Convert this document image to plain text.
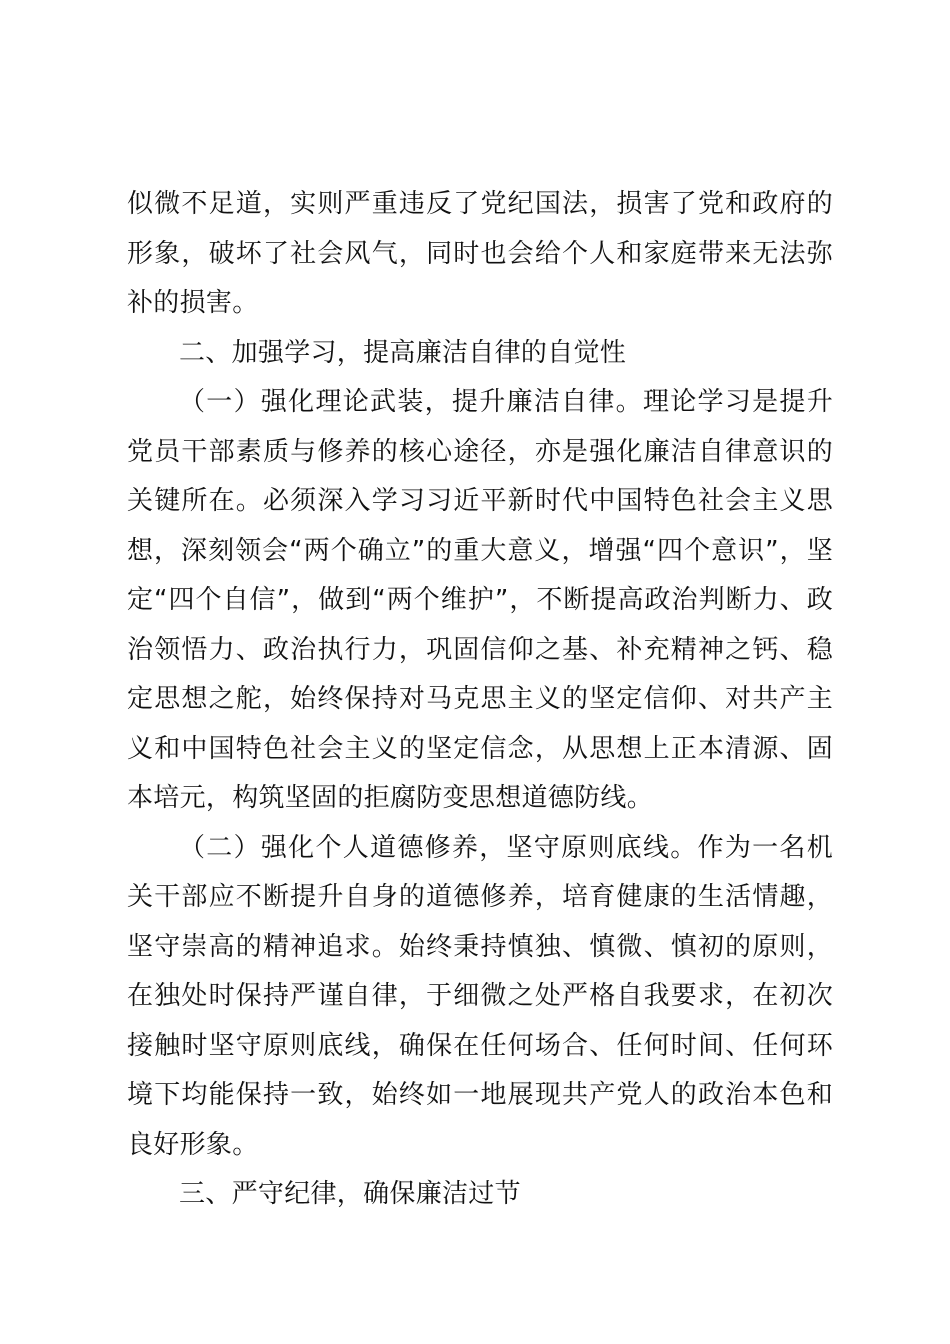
似微不足道，实则严重违反了党纪国法，损害了党和政府的形象，破坏了社会风气，同时也会给个人和家庭带来无法弥补的损害。

二、加强学习，提高廉洁自律的自觉性

（一）强化理论武装，提升廉洁自律。理论学习是提升党员干部素质与修养的核心途径，亦是强化廉洁自律意识的关键所在。必须深入学习习近平新时代中国特色社会主义思想，深刻领会“两个确立”的重大意义，增强“四个意识”，坚定“四个自信”，做到“两个维护”，不断提高政治判断力、政治领悟力、政治执行力，巩固信仰之基、补充精神之钙、稳定思想之舵，始终保持对马克思主义的坚定信仰、对共产主义和中国特色社会主义的坚定信念，从思想上正本清源、固本培元，构筑坚固的拒腐防变思想道德防线。

（二）强化个人道德修养，坚守原则底线。作为一名机关干部应不断提升自身的道德修养，培育健康的生活情趣，坚守崇高的精神追求。始终秉持慎独、慎微、慎初的原则，在独处时保持严谨自律，于细微之处严格自我要求，在初次接触时坚守原则底线，确保在任何场合、任何时间、任何环境下均能保持一致，始终如一地展现共产党人的政治本色和良好形象。

三、严守纪律，确保廉洁过节
